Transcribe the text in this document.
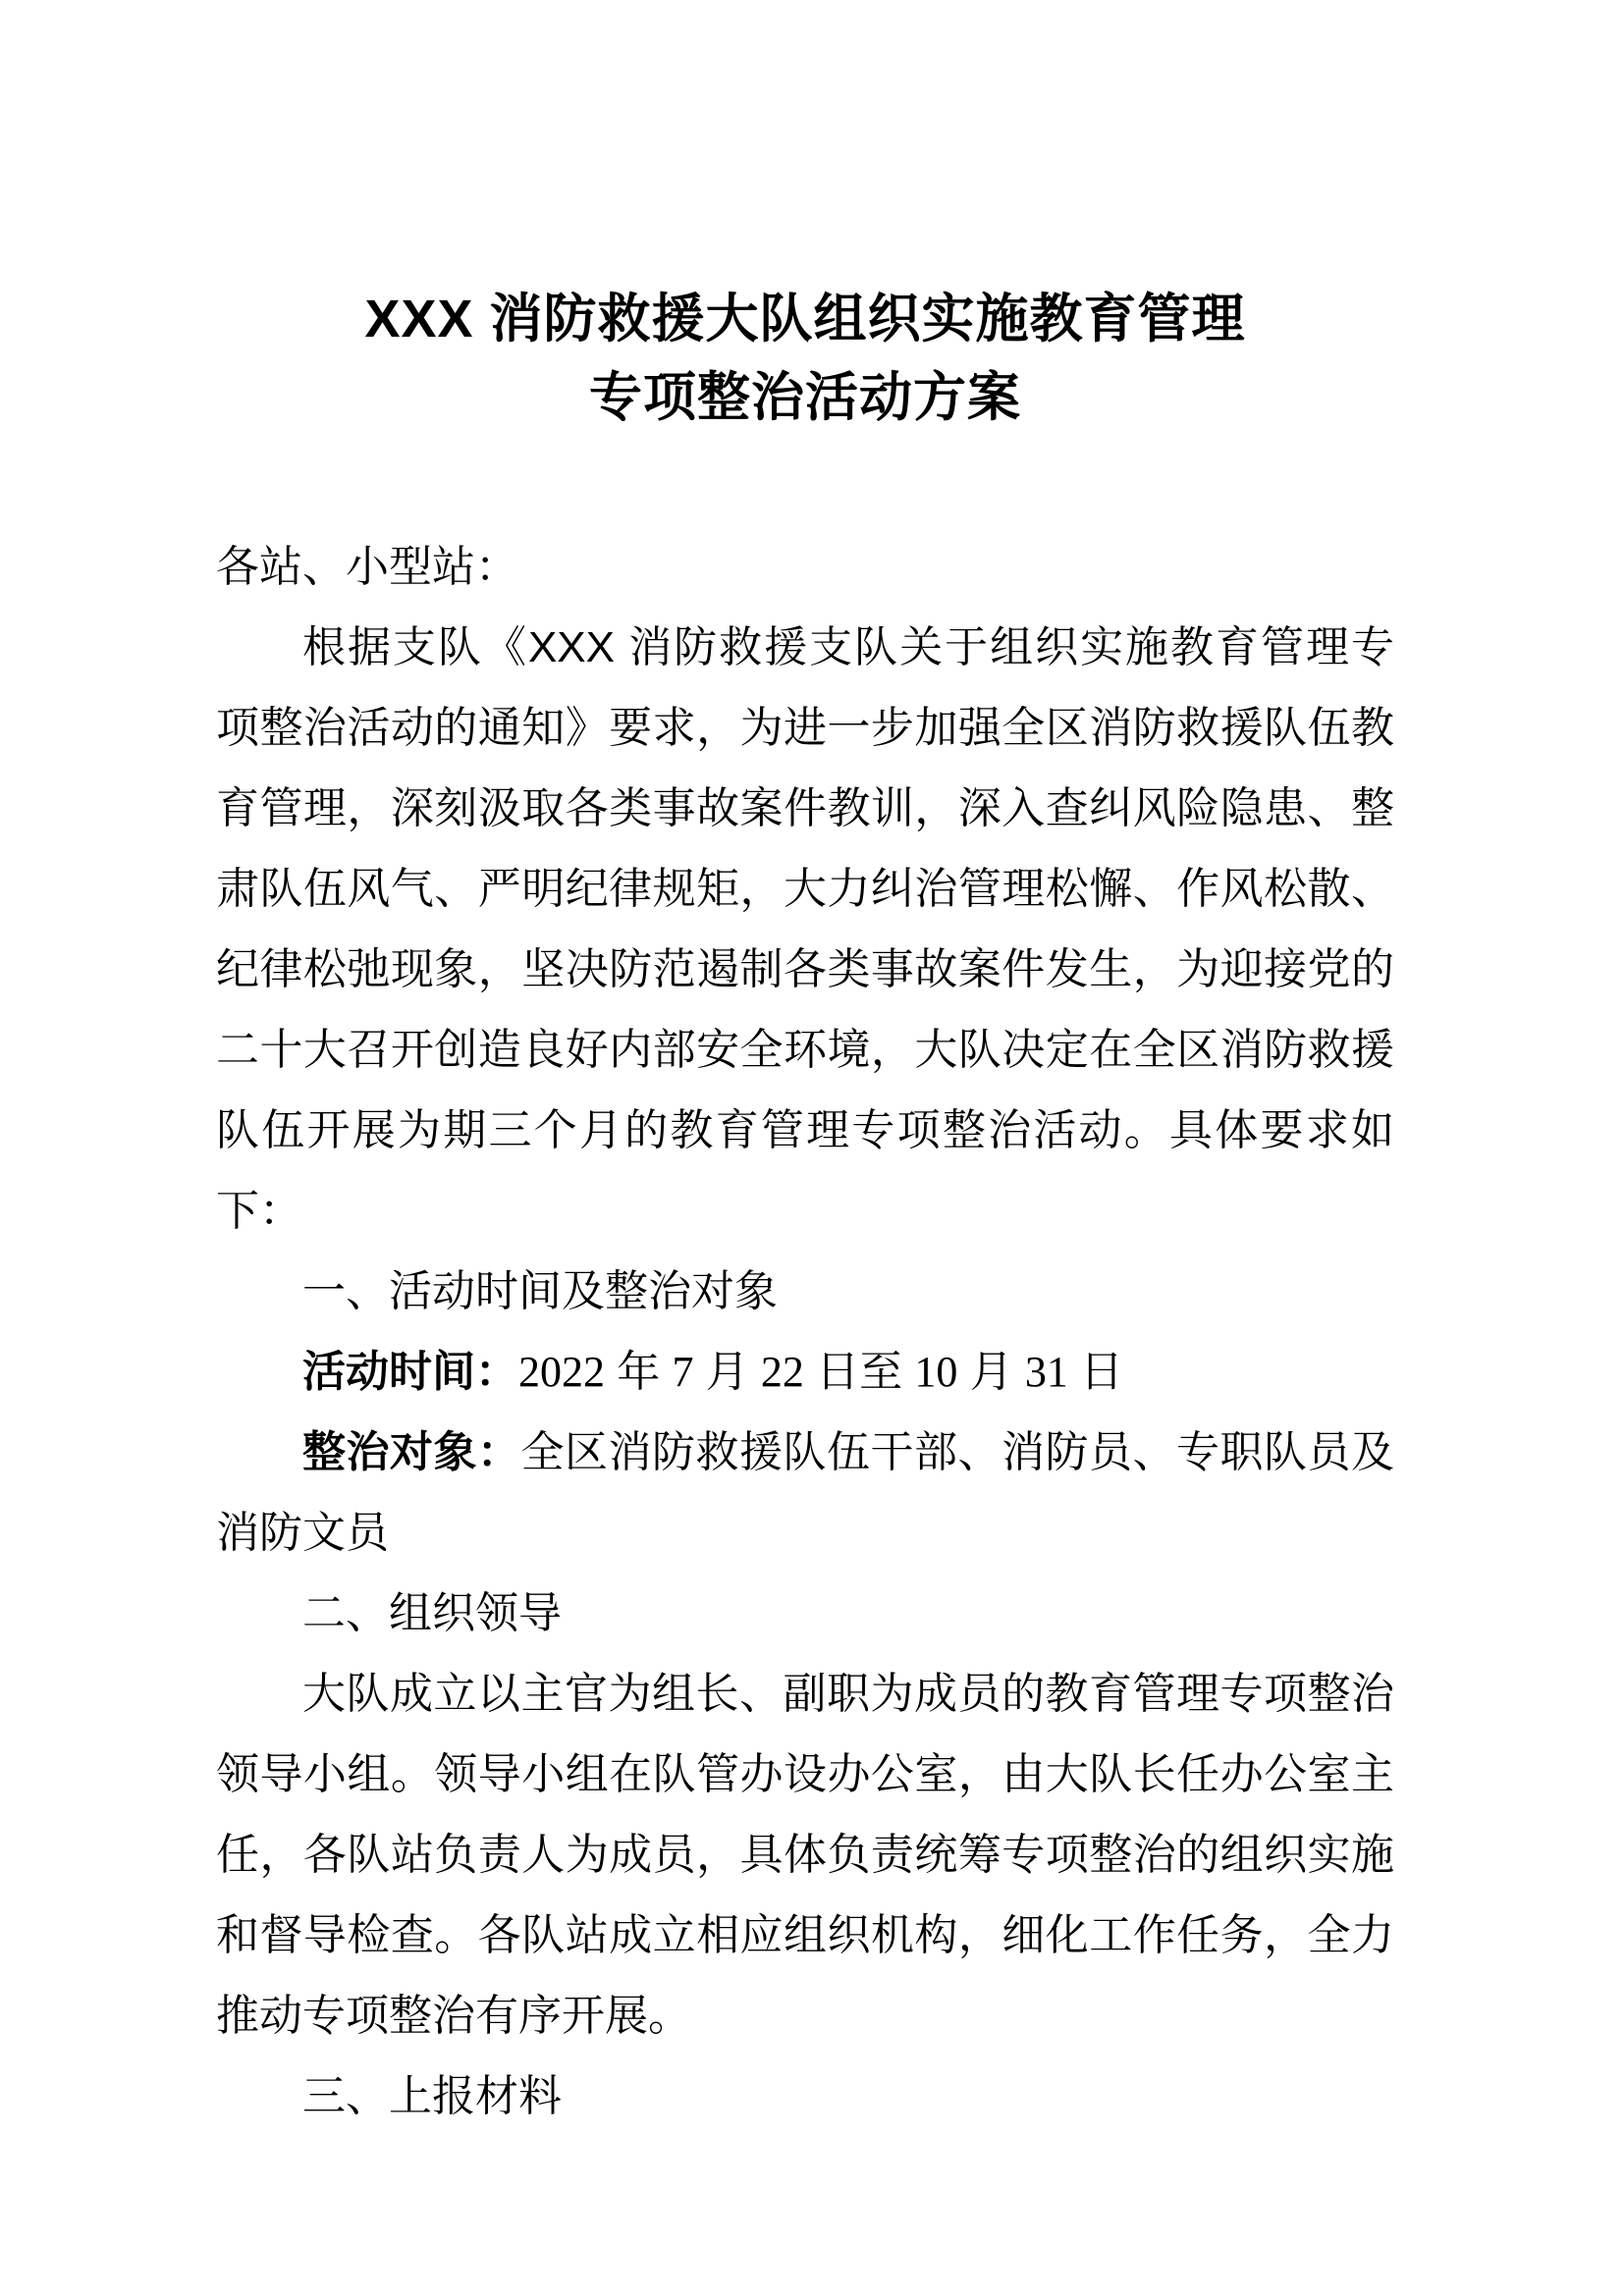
XXX 消防救援大队组织实施教育管理
专项整治活动方案

各站、小型站：

根据支队《XXX 消防救援支队关于组织实施教育管理专项整治活动的通知》要求，为进一步加强全区消防救援队伍教育管理，深刻汲取各类事故案件教训，深入查纠风险隐患、整肃队伍风气、严明纪律规矩，大力纠治管理松懈、作风松散、纪律松弛现象，坚决防范遏制各类事故案件发生，为迎接党的二十大召开创造良好内部安全环境，大队决定在全区消防救援队伍开展为期三个月的教育管理专项整治活动。具体要求如下：

一、活动时间及整治对象

活动时间：2022 年 7 月 22 日至 10 月 31 日

整治对象：全区消防救援队伍干部、消防员、专职队员及消防文员

二、组织领导

大队成立以主官为组长、副职为成员的教育管理专项整治领导小组。领导小组在队管办设办公室，由大队长任办公室主任，各队站负责人为成员，具体负责统筹专项整治的组织实施和督导检查。各队站成立相应组织机构，细化工作任务，全力推动专项整治有序开展。

三、上报材料
